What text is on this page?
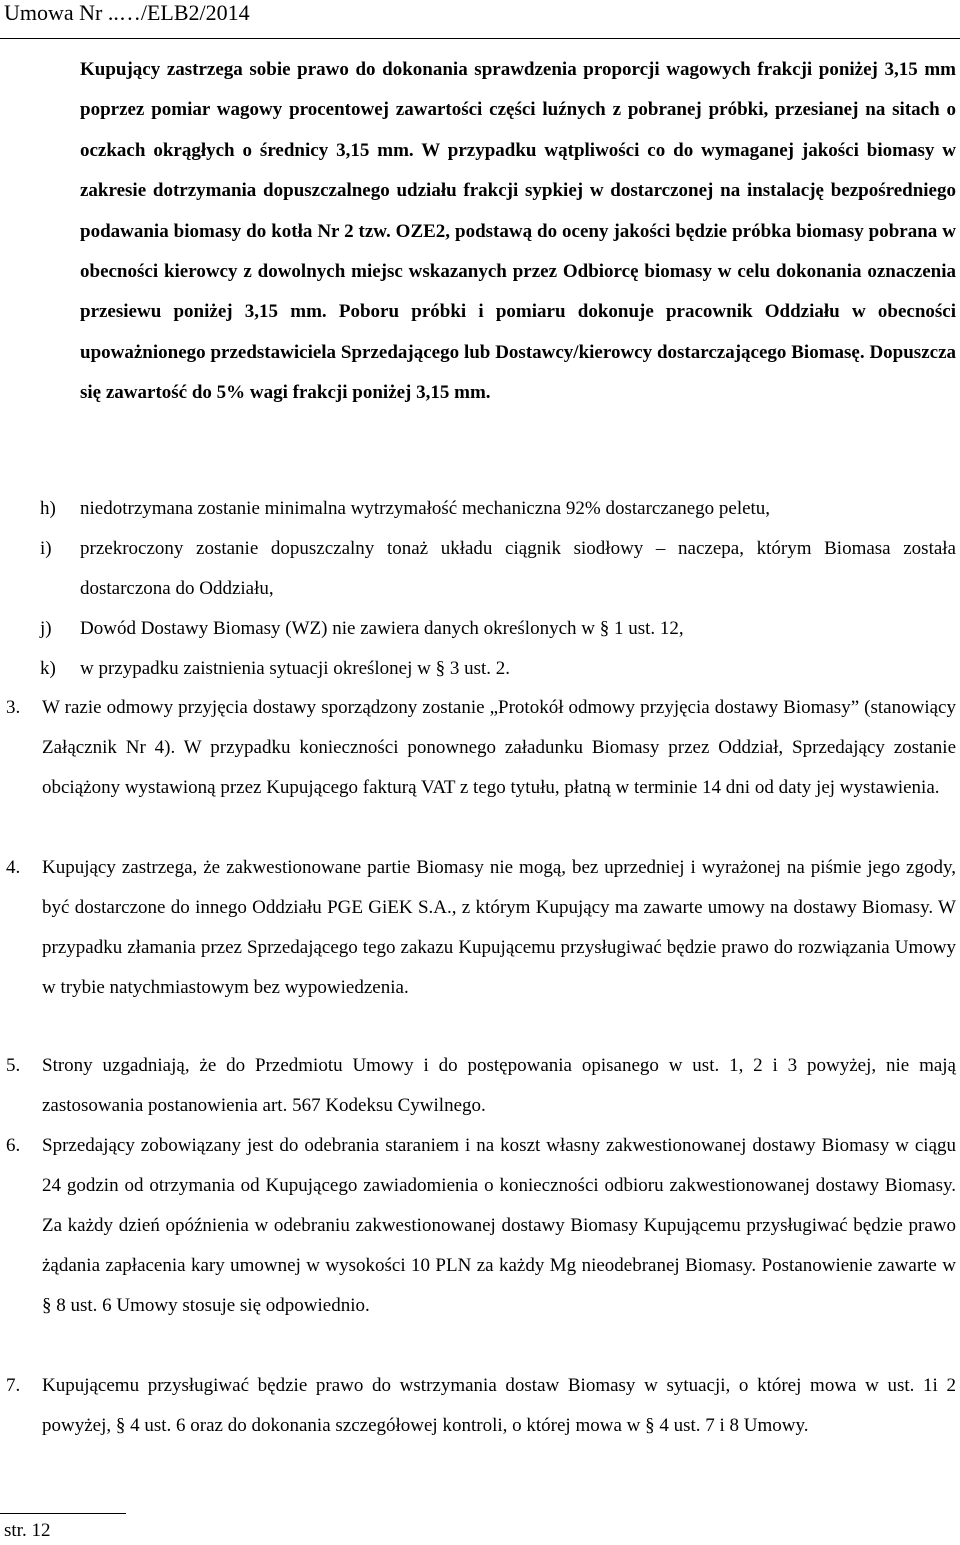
Umowa Nr ..…/ELB2/2014
Kupujący zastrzega sobie prawo do dokonania sprawdzenia proporcji wagowych frakcji poniżej 3,15 mm poprzez pomiar wagowy procentowej zawartości części luźnych z pobranej próbki, przesianej na sitach o oczkach okrągłych o średnicy 3,15 mm. W przypadku wątpliwości co do wymaganej jakości biomasy w zakresie dotrzymania dopuszczalnego udziału frakcji sypkiej w dostarczonej na instalację bezpośredniego podawania biomasy do kotła Nr 2 tzw. OZE2, podstawą do oceny jakości będzie próbka biomasy pobrana w obecności kierowcy z dowolnych miejsc wskazanych przez Odbiorcę biomasy w celu dokonania oznaczenia przesiewu poniżej 3,15 mm. Poboru próbki i pomiaru dokonuje pracownik Oddziału w obecności upoważnionego przedstawiciela Sprzedającego lub Dostawcy/kierowcy dostarczającego Biomasę. Dopuszcza się zawartość do 5% wagi frakcji poniżej 3,15 mm.
h) niedotrzymana zostanie minimalna wytrzymałość mechaniczna 92% dostarczanego peletu,
i) przekroczony zostanie dopuszczalny tonaż układu ciągnik siodłowy – naczepa, którym Biomasa została dostarczona do Oddziału,
j) Dowód Dostawy Biomasy (WZ) nie zawiera danych określonych w § 1 ust. 12,
k) w przypadku zaistnienia sytuacji określonej w § 3 ust. 2.
3. W razie odmowy przyjęcia dostawy sporządzony zostanie „Protokół odmowy przyjęcia dostawy Biomasy” (stanowiący Załącznik Nr 4). W przypadku konieczności ponownego załadunku Biomasy przez Oddział, Sprzedający zostanie obciążony wystawioną przez Kupującego fakturą VAT z tego tytułu, płatną w terminie 14 dni od daty jej wystawienia.
4. Kupujący zastrzega, że zakwestionowane partie Biomasy nie mogą, bez uprzedniej i wyrażonej na piśmie jego zgody, być dostarczone do innego Oddziału PGE GiEK S.A., z którym Kupujący ma zawarte umowy na dostawy Biomasy. W przypadku złamania przez Sprzedającego tego zakazu Kupującemu przysługiwać będzie prawo do rozwiązania Umowy w trybie natychmiastowym bez wypowiedzenia.
5. Strony uzgadniają, że do Przedmiotu Umowy i do postępowania opisanego w ust. 1, 2 i 3 powyżej, nie mają zastosowania postanowienia art. 567 Kodeksu Cywilnego.
6. Sprzedający zobowiązany jest do odebrania staraniem i na koszt własny zakwestionowanej dostawy Biomasy w ciągu 24 godzin od otrzymania od Kupującego zawiadomienia o konieczności odbioru zakwestionowanej dostawy Biomasy. Za każdy dzień opóźnienia w odebraniu zakwestionowanej dostawy Biomasy Kupującemu przysługiwać będzie prawo żądania zapłacenia kary umownej w wysokości 10 PLN za każdy Mg nieodebranej Biomasy. Postanowienie zawarte w § 8 ust. 6 Umowy stosuje się odpowiednio.
7. Kupującemu przysługiwać będzie prawo do wstrzymania dostaw Biomasy w sytuacji, o której mowa w ust. 1i 2 powyżej, § 4 ust. 6 oraz do dokonania szczegółowej kontroli, o której mowa w § 4 ust. 7 i 8 Umowy.
str. 12
